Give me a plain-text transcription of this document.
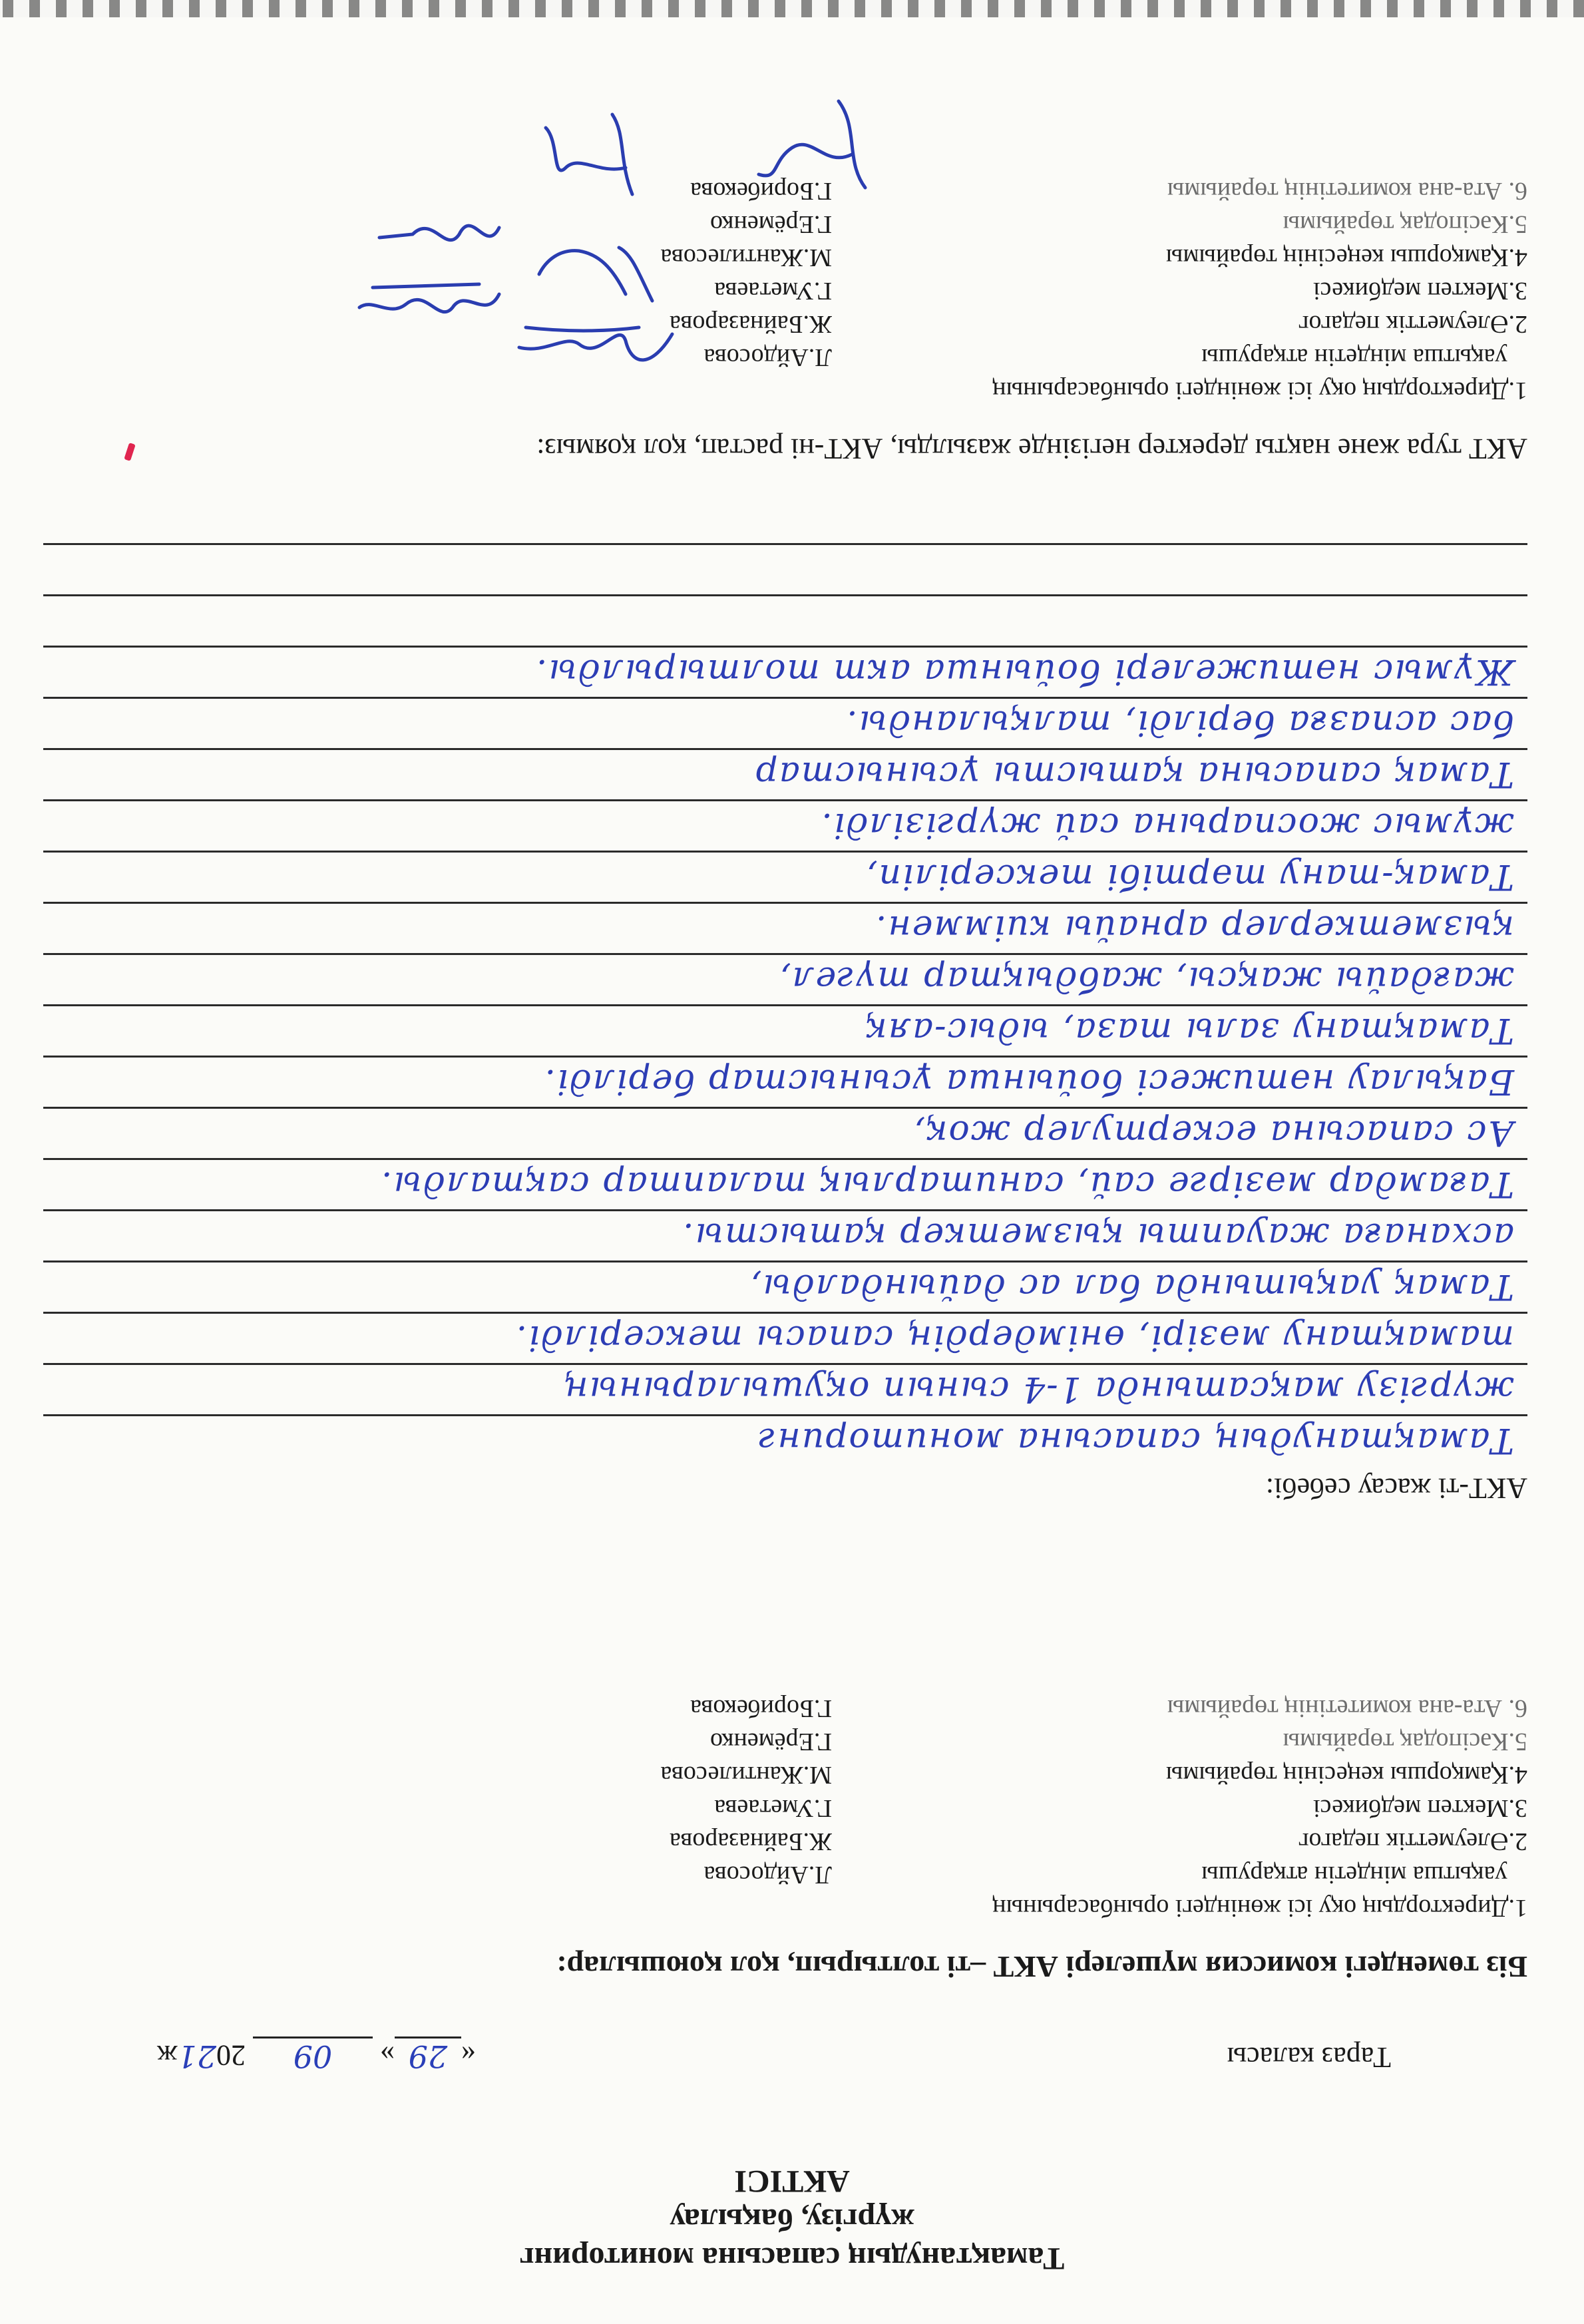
Тамақтанудың сапасына мониторинг
жүргізу, бақылау
АКТІСІ
Тараз каласы
«29» 09 2021ж
Біз төмендегі комиссия мүшелері АКТ –ті толтырып, қол қоюшылар:
1.Директордың оқу ісі жөніндегі орынбасарының
уақытша міндетін атқарушы
Л.Айдосова
2.Әлеуметтік педагог
Ж.Байназарова
3.Мектеп медбикесі
Г.Уметаева
4.Қамқоршы кеңесінің төрайымы
М.Жантилесова
5.Кәсіподақ төрайымы
Г.Ерёменко
6. Ата-ана комитетінің төрайымы
Г.Борибекова
АКТ-ті жасау себебі:
Тамақтанудың сапасына мониторинг
жүргізу мақсатында 1-4 сынып оқушыларының
тамақтану мәзірі, өнімдердің сапасы тексерілді.
Тамақ уақытында бал ас дайындалды,
асханаға жауапты қызметкер қатысты.
Тағамдар мәзірге сай, санитарлық талаптар сақталды.
Ас сапасына ескертулер жоқ,
Бақылау нәтижесі бойынша ұсыныстар берілді.
Тамақтану залы таза, ыдыс-аяқ
жағдайы жақсы, жабдықтар түгел,
қызметкерлер арнайы киіммен.
Тамақ-тану тәртібі тексеріліп,
жұмыс жоспарына сай жүргізілді.
Тамақ сапасына қатысты ұсыныстар
бас аспазға берілді, талқыланды.
Жұмыс нәтижелері бойынша акт толтырылды.
АКТ тура және нақты деректер негізінде жазылды, АКТ-ні растап, қол қоямыз:
1.Директордың оқу ісі жөніндегі орынбасарының
уақытша міндетін атқарушы
Л.Айдосова
2.Әлеуметтік педагог
Ж.Байназарова
3.Мектеп медбикесі
Г.Уметаева
4.Қамқоршы кеңесінің төрайымы
М.Жантилесова
5.Кәсіподақ төрайымы
Г.Ерёменко
6. Ата-ана комитетінің төрайымы
Г.Борибекова
